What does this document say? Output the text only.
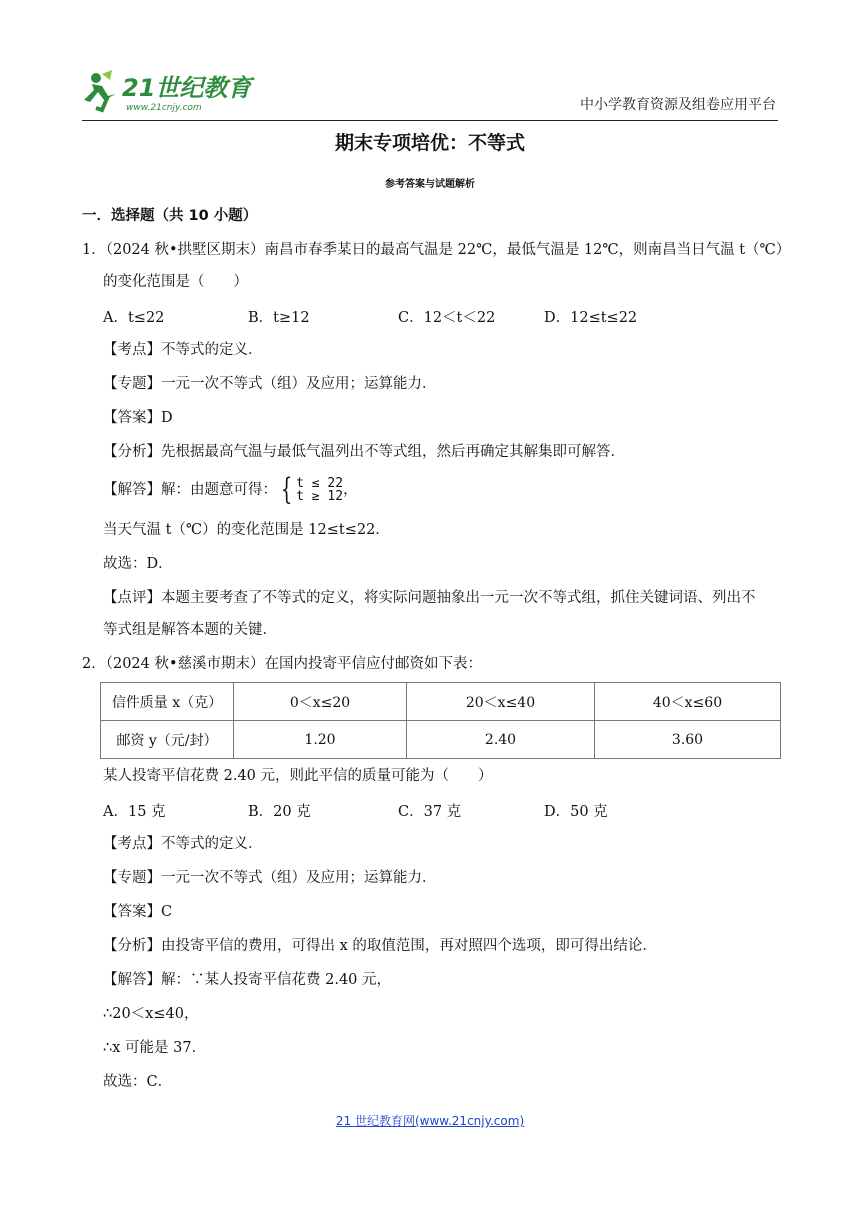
21世纪教育
www.21cnjy.com	中小学教育资源及组卷应用平台
期末专项培优：不等式
参考答案与试题解析
一．选择题（共 10 小题）
1．（2024 秋•拱墅区期末）南昌市春季某日的最高气温是 22℃，最低气温是 12℃，则南昌当日气温 t（℃）
的变化范围是（　　）
A．t≤22	B．t≥12	C．12＜t＜22	D．12≤t≤22
【考点】不等式的定义．
【专题】一元一次不等式（组）及应用；运算能力．
【答案】D
【分析】先根据最高气温与最低气温列出不等式组，然后再确定其解集即可解答．
【解答】解：由题意可得： { t ≤ 22
t ≥ 12，
当天气温 t（℃）的变化范围是 12≤t≤22．
故选：D．
【点评】本题主要考查了不等式的定义，将实际问题抽象出一元一次不等式组，抓住关键词语、列出不
等式组是解答本题的关键．
2．（2024 秋•慈溪市期末）在国内投寄平信应付邮资如下表：
信件质量 x（克）	0＜x≤20	20＜x≤40	40＜x≤60
邮资 y（元/封）	1.20	2.40	3.60
某人投寄平信花费 2.40 元，则此平信的质量可能为（　　）
A．15 克	B．20 克	C．37 克	D．50 克
【考点】不等式的定义．
【专题】一元一次不等式（组）及应用；运算能力．
【答案】C
【分析】由投寄平信的费用，可得出 x 的取值范围，再对照四个选项，即可得出结论．
【解答】解：∵某人投寄平信花费 2.40 元，
∴20＜x≤40，
∴x 可能是 37．
故选：C．
21 世纪教育网(www.21cnjy.com)
